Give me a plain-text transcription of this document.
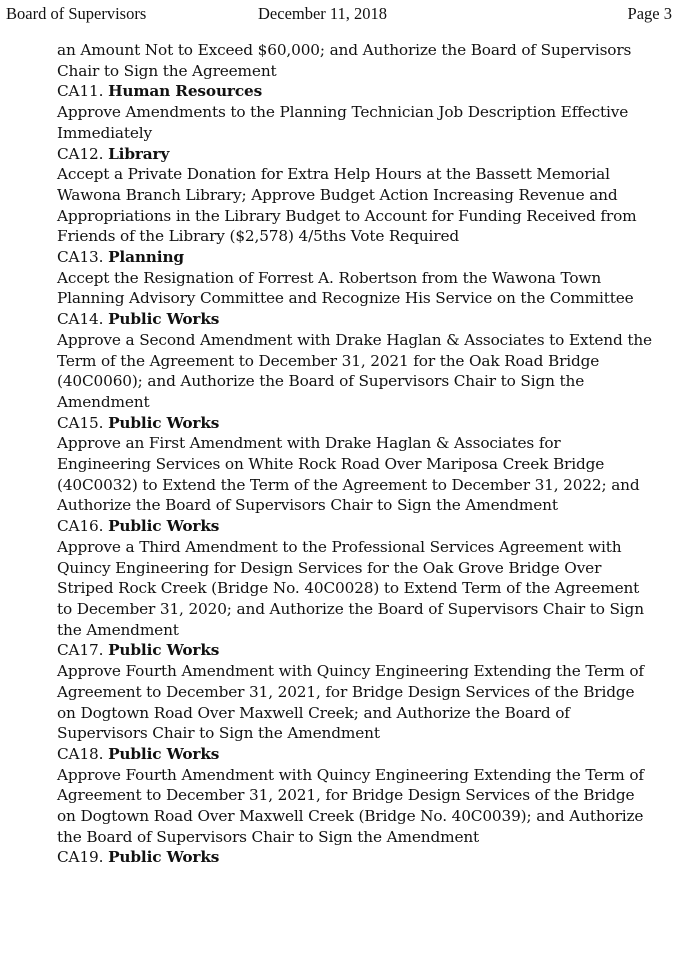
Board of Supervisors	December 11, 2018	Page 3

an Amount Not to Exceed $60,000; and Authorize the Board of Supervisors Chair to Sign the Agreement

CA11. Human Resources

Approve Amendments to the Planning Technician Job Description Effective Immediately

CA12. Library

Accept a Private Donation for Extra Help Hours at the Bassett Memorial Wawona Branch Library; Approve Budget Action Increasing Revenue and Appropriations in the Library Budget to Account for Funding Received from Friends of the Library ($2,578) 4/5ths Vote Required

CA13. Planning

Accept the Resignation of Forrest A. Robertson from the Wawona Town Planning Advisory Committee and Recognize His Service on the Committee

CA14. Public Works

Approve a Second Amendment with Drake Haglan & Associates to Extend the Term of the Agreement to December 31, 2021 for the Oak Road Bridge (40C0060); and Authorize the Board of Supervisors Chair to Sign the Amendment

CA15. Public Works

Approve an First Amendment with Drake Haglan & Associates for Engineering Services on White Rock Road Over Mariposa Creek Bridge (40C0032) to Extend the Term of the Agreement to December 31, 2022; and Authorize the Board of Supervisors Chair to Sign the Amendment

CA16. Public Works

Approve a Third Amendment to the Professional Services Agreement with Quincy Engineering for Design Services for the Oak Grove Bridge Over Striped Rock Creek (Bridge No. 40C0028) to Extend Term of the Agreement to December 31, 2020; and Authorize the Board of Supervisors Chair to Sign the Amendment

CA17. Public Works

Approve Fourth Amendment with Quincy Engineering Extending the Term of Agreement to December 31, 2021, for Bridge Design Services of the Bridge on Dogtown Road Over Maxwell Creek; and Authorize the Board of Supervisors Chair to Sign the Amendment

CA18. Public Works

Approve Fourth Amendment with Quincy Engineering Extending the Term of Agreement to December 31, 2021, for Bridge Design Services of the Bridge on Dogtown Road Over Maxwell Creek (Bridge No. 40C0039); and Authorize the Board of Supervisors Chair to Sign the Amendment

CA19. Public Works
